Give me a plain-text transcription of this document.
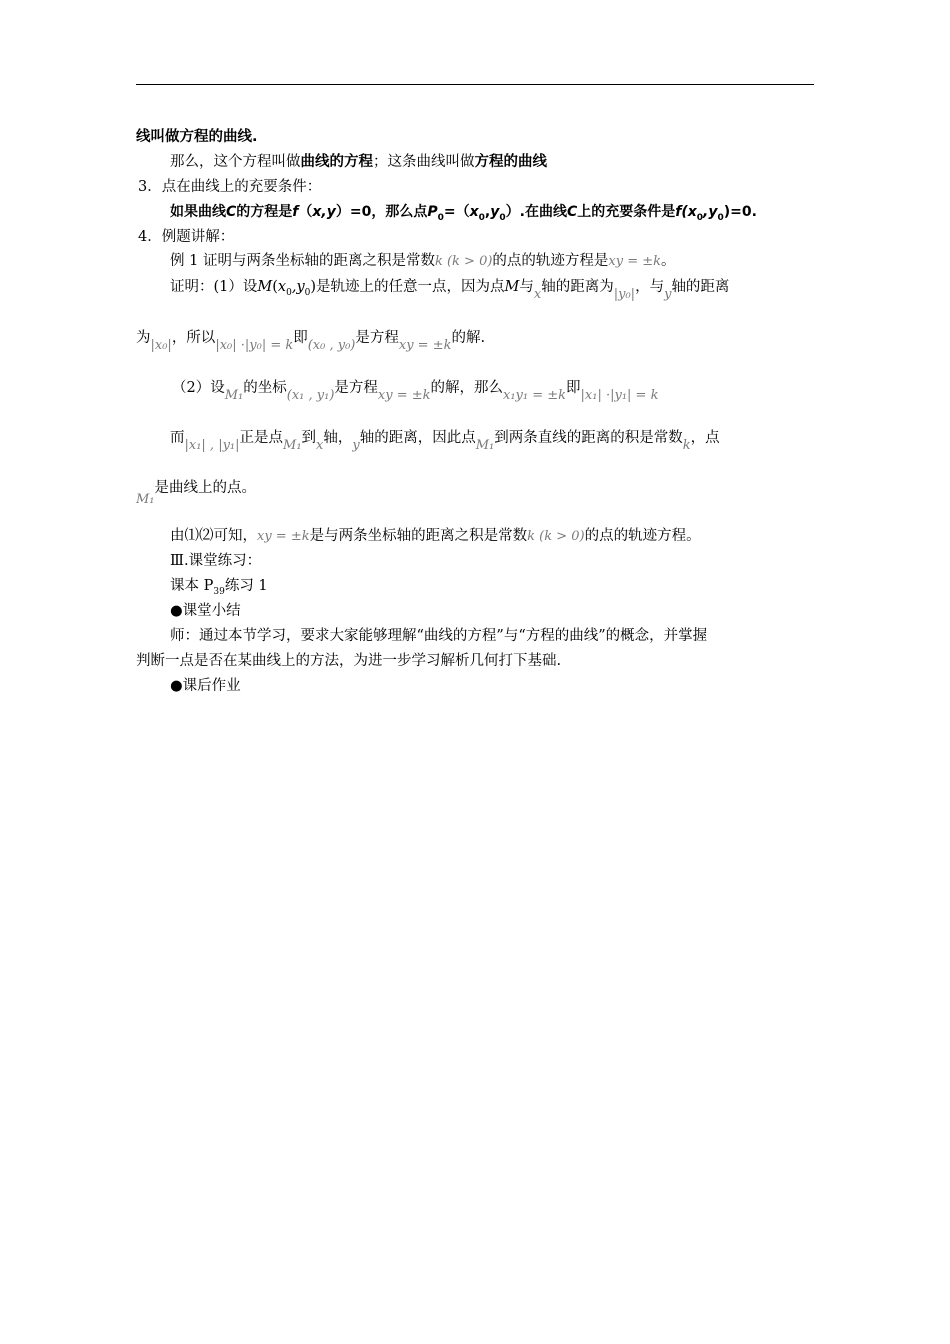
线叫做方程的曲线.
那么，这个方程叫做曲线的方程；这条曲线叫做方程的曲线
3．点在曲线上的充要条件：
如果曲线C的方程是f（x,y）=0，那么点$P_0=(x_0,y_0)$.在曲线C上的充要条件是$f(x_0,y_0)=0$.
4．例题讲解：
例 1 证明与两条坐标轴的距离之积是常数k (k > 0)的点的轨迹方程是xy = ±k。
证明：(1）设$M(x_0,y_0)$是轨迹上的任意一点，因为点M与x轴的距离为|y₀|，与y轴的距离
为|x₀|，所以|x₀| ·|y₀| = k即(x₀ , y₀)是方程xy = ±k的解.
（2）设M₁的坐标(x₁ , y₁)是方程xy = ±k的解，那么x₁y₁ = ±k即|x₁| ·|y₁| = k
而|x₁| , |y₁|正是点M₁到x轴，y轴的距离，因此点M₁到两条直线的距离的积是常数k，点
M₁是曲线上的点。
由⑴⑵可知，xy = ±k是与两条坐标轴的距离之积是常数k (k > 0)的点的轨迹方程。
Ⅲ.课堂练习：
课本 $P_{39}$练习 1
●课堂小结
师：通过本节学习，要求大家能够理解“曲线的方程”与“方程的曲线”的概念，并掌握
判断一点是否在某曲线上的方法，为进一步学习解析几何打下基础.
●课后作业
